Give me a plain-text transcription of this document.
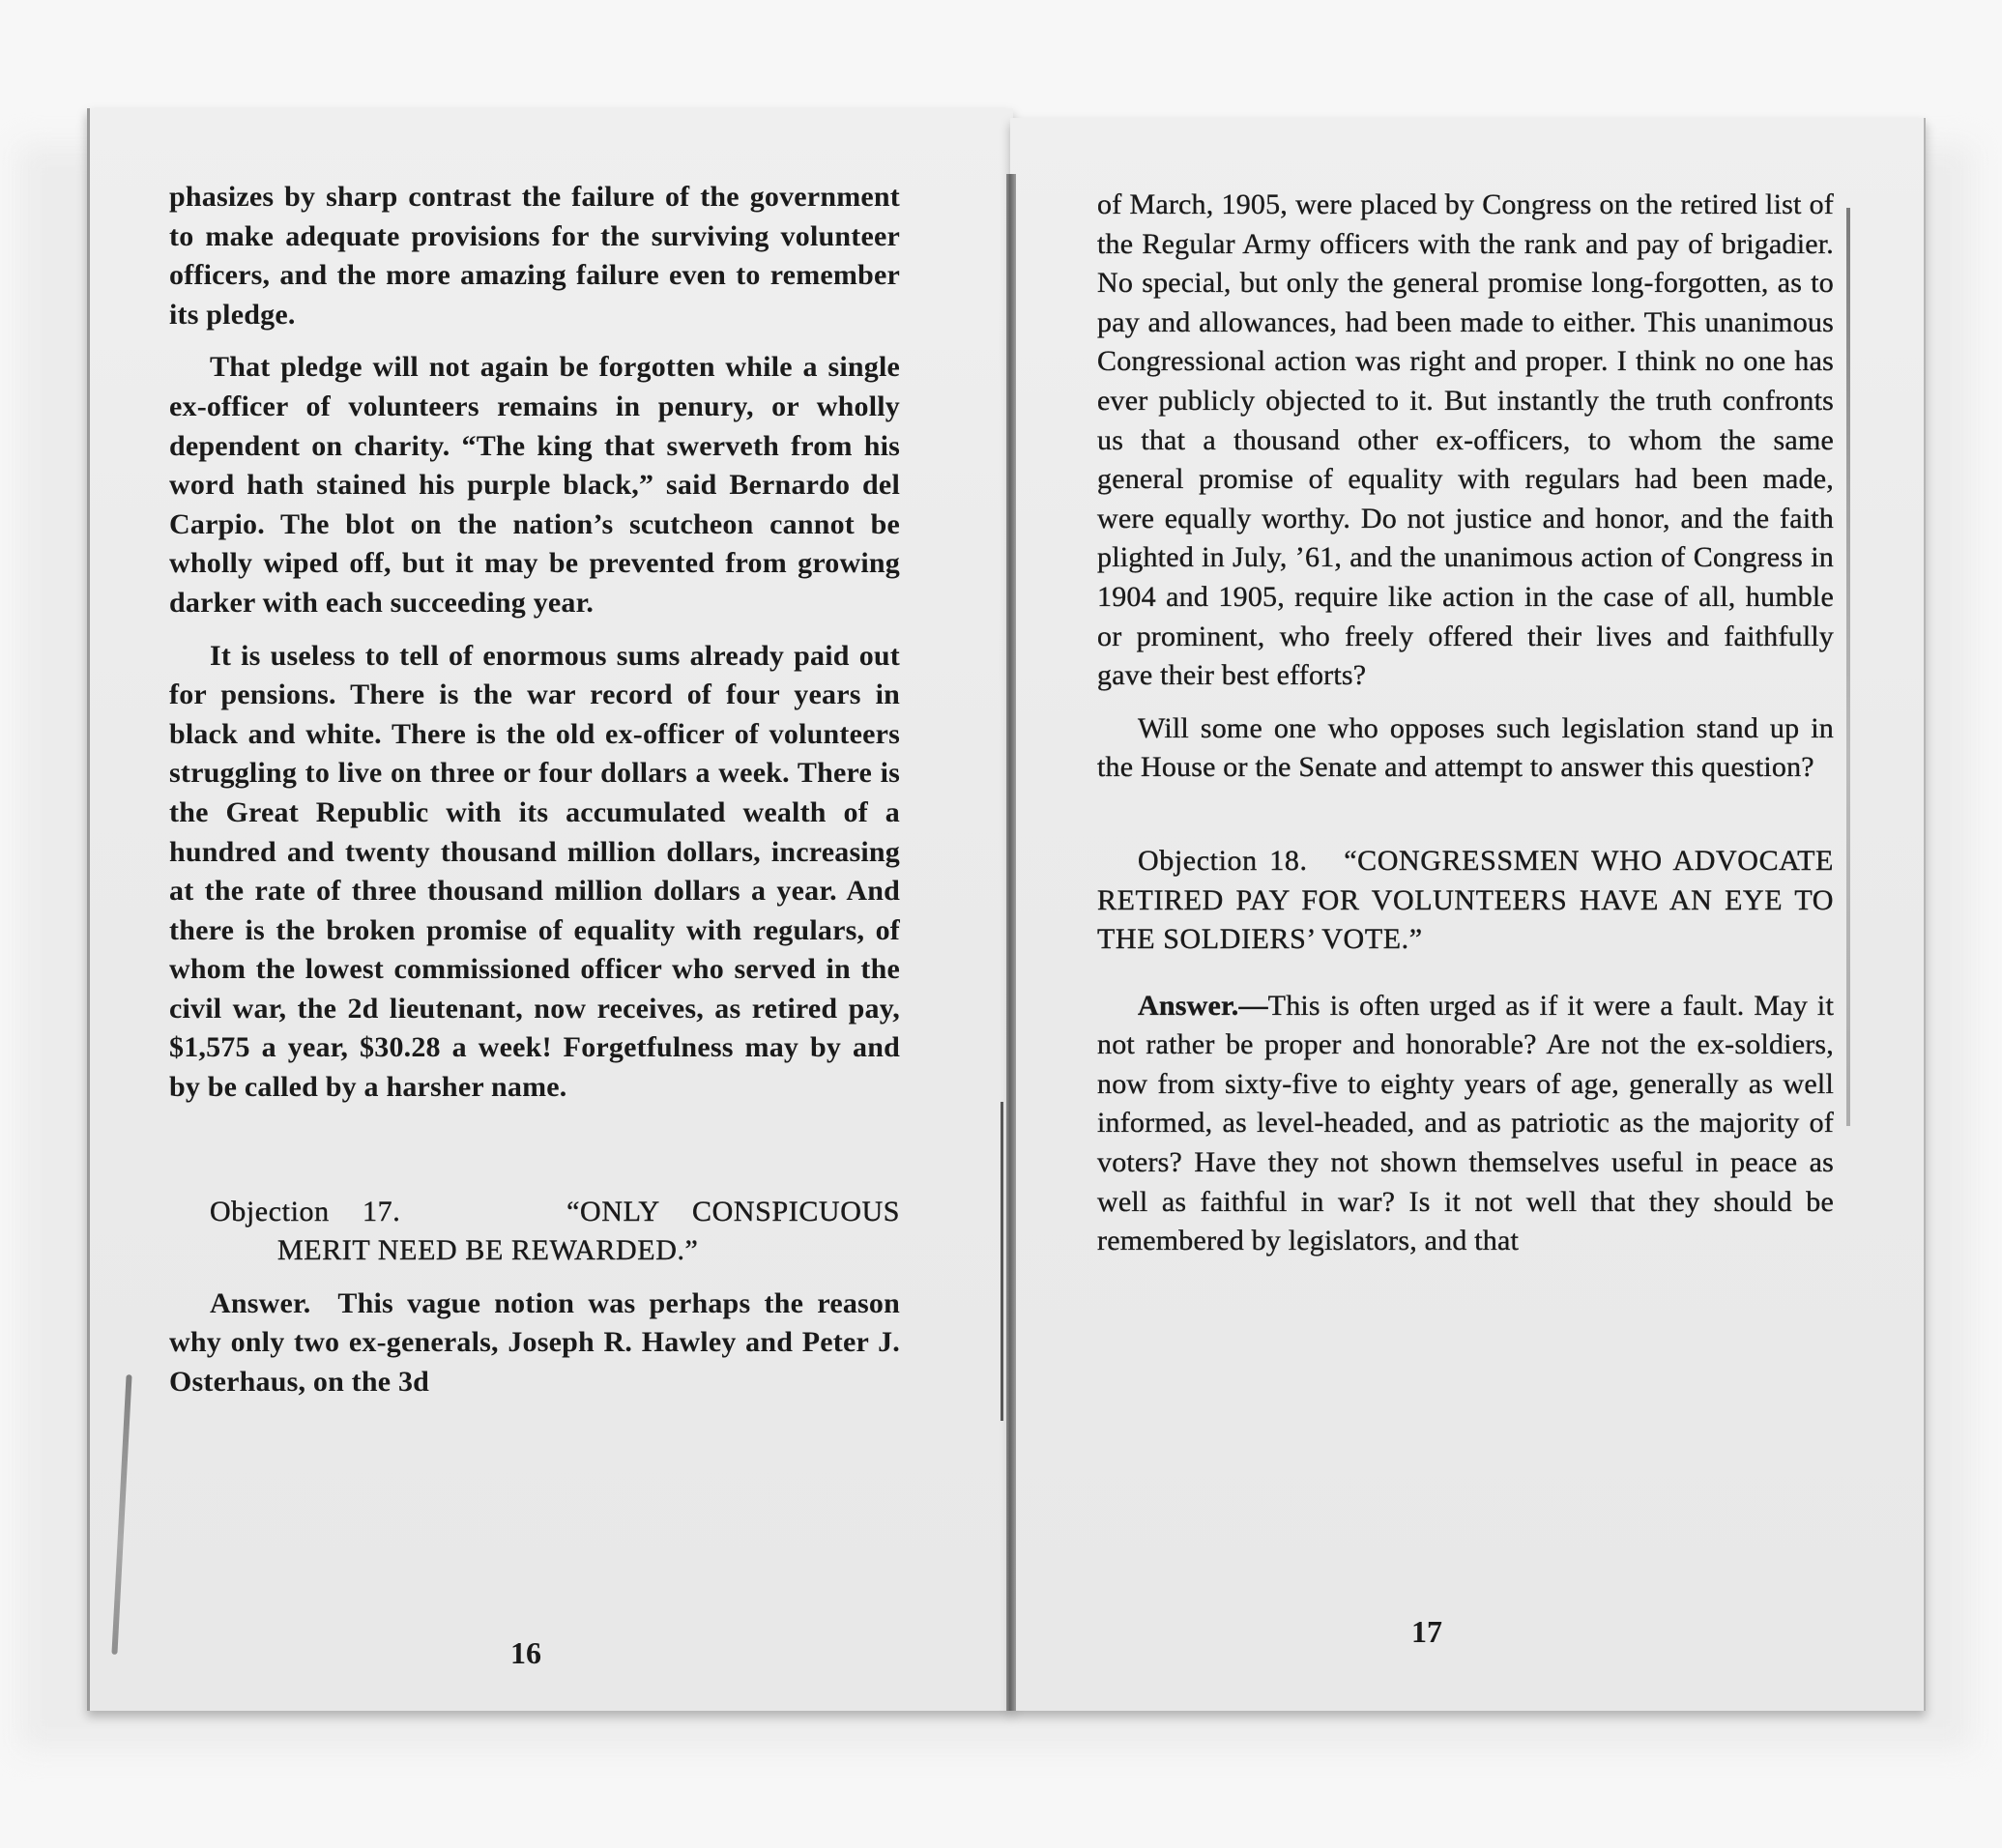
phasizes by sharp contrast the failure of the government to make adequate provisions for the surviving volunteer officers, and the more amazing failure even to remember its pledge.

That pledge will not again be forgotten while a single ex-officer of volunteers remains in penury, or wholly dependent on charity. “The king that swerveth from his word hath stained his purple black,” said Bernardo del Carpio. The blot on the nation’s scutcheon cannot be wholly wiped off, but it may be prevented from growing darker with each succeeding year.

It is useless to tell of enormous sums already paid out for pensions. There is the war record of four years in black and white. There is the old ex-officer of volunteers struggling to live on three or four dollars a week. There is the Great Republic with its accumulated wealth of a hundred and twenty thousand million dollars, increasing at the rate of three thousand million dollars a year. And there is the broken promise of equality with regulars, of whom the lowest commissioned officer who served in the civil war, the 2d lieutenant, now receives, as retired pay, $1,575 a year, $30.28 a week! Forgetfulness may by and by be called by a harsher name.

Objection 17.	“ONLY CONSPICUOUS

MERIT NEED BE REWARDED.”

Answer. This vague notion was perhaps the reason why only two ex-generals, Joseph R. Hawley and Peter J. Osterhaus, on the 3d

16

of March, 1905, were placed by Congress on the retired list of the Regular Army officers with the rank and pay of brigadier. No special, but only the general promise long-forgotten, as to pay and allowances, had been made to either. This unanimous Congressional action was right and proper. I think no one has ever publicly objected to it. But instantly the truth confronts us that a thousand other ex-officers, to whom the same general promise of equality with regulars had been made, were equally worthy. Do not justice and honor, and the faith plighted in July, ’61, and the unanimous action of Congress in 1904 and 1905, require like action in the case of all, humble or prominent, who freely offered their lives and faithfully gave their best efforts?

Will some one who opposes such legislation stand up in the House or the Senate and attempt to answer this question?

Objection 18. “CONGRESSMEN WHO ADVOCATE RETIRED PAY FOR VOLUNTEERS HAVE AN EYE TO THE SOLDIERS’ VOTE.”

Answer.—This is often urged as if it were a fault. May it not rather be proper and honorable? Are not the ex-soldiers, now from sixty-five to eighty years of age, generally as well informed, as level-headed, and as patriotic as the majority of voters? Have they not shown themselves useful in peace as well as faithful in war? Is it not well that they should be remembered by legislators, and that

17
